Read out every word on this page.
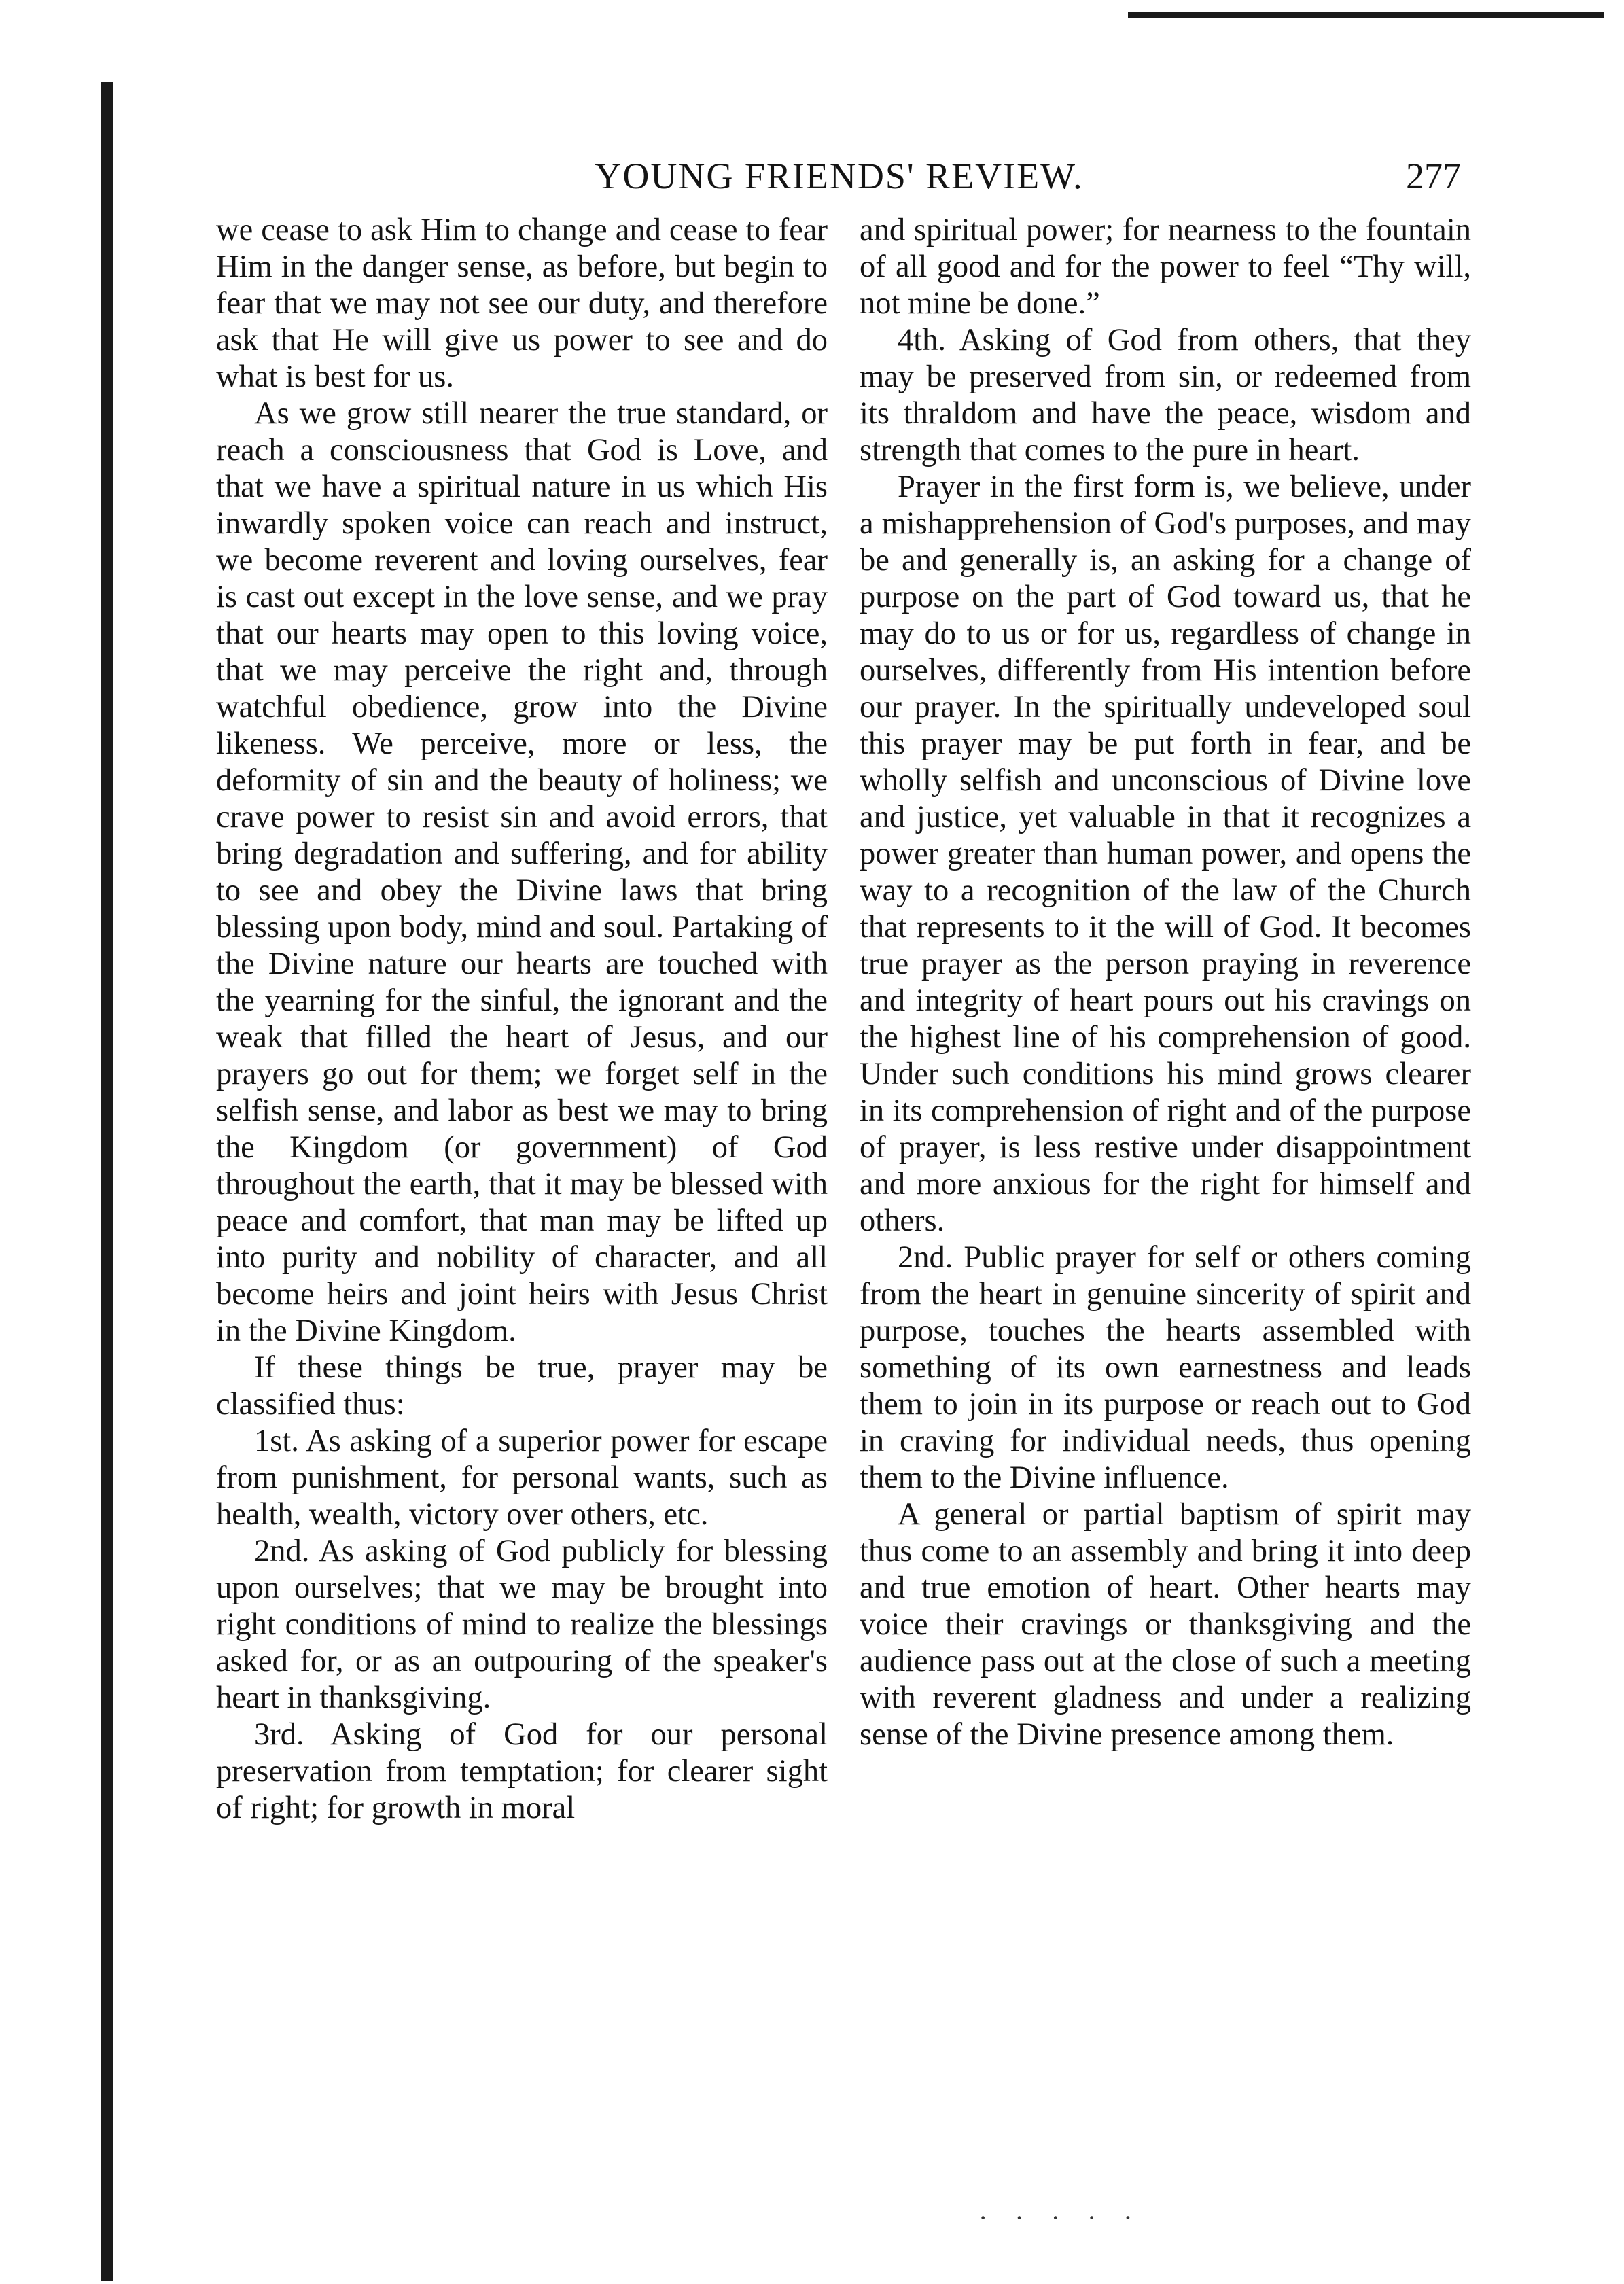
YOUNG FRIENDS' REVIEW.	277

we cease to ask Him to change and cease to fear Him in the danger sense, as before, but begin to fear that we may not see our duty, and therefore ask that He will give us power to see and do what is best for us.

As we grow still nearer the true standard, or reach a consciousness that God is Love, and that we have a spiritual nature in us which His inwardly spoken voice can reach and instruct, we become reverent and loving ourselves, fear is cast out except in the love sense, and we pray that our hearts may open to this loving voice, that we may perceive the right and, through watchful obedience, grow into the Divine likeness. We perceive, more or less, the deformity of sin and the beauty of holiness; we crave power to resist sin and avoid errors, that bring degradation and suffering, and for ability to see and obey the Divine laws that bring blessing upon body, mind and soul. Partaking of the Divine nature our hearts are touched with the yearning for the sinful, the ignorant and the weak that filled the heart of Jesus, and our prayers go out for them; we forget self in the selfish sense, and labor as best we may to bring the Kingdom (or government) of God throughout the earth, that it may be blessed with peace and comfort, that man may be lifted up into purity and nobility of character, and all become heirs and joint heirs with Jesus Christ in the Divine Kingdom.

If these things be true, prayer may be classified thus:

1st. As asking of a superior power for escape from punishment, for personal wants, such as health, wealth, victory over others, etc.

2nd. As asking of God publicly for blessing upon ourselves; that we may be brought into right conditions of mind to realize the blessings asked for, or as an outpouring of the speaker's heart in thanksgiving.

3rd. Asking of God for our personal preservation from temptation; for clearer sight of right; for growth in moral

and spiritual power; for nearness to the fountain of all good and for the power to feel “Thy will, not mine be done.”

4th. Asking of God from others, that they may be preserved from sin, or redeemed from its thraldom and have the peace, wisdom and strength that comes to the pure in heart.

Prayer in the first form is, we believe, under a mishapprehension of God's purposes, and may be and generally is, an asking for a change of purpose on the part of God toward us, that he may do to us or for us, regardless of change in ourselves, differently from His intention before our prayer. In the spiritually undeveloped soul this prayer may be put forth in fear, and be wholly selfish and unconscious of Divine love and justice, yet valuable in that it recognizes a power greater than human power, and opens the way to a recognition of the law of the Church that represents to it the will of God. It becomes true prayer as the person praying in reverence and integrity of heart pours out his cravings on the highest line of his comprehension of good. Under such conditions his mind grows clearer in its comprehension of right and of the purpose of prayer, is less restive under disappointment and more anxious for the right for himself and others.

2nd. Public prayer for self or others coming from the heart in genuine sincerity of spirit and purpose, touches the hearts assembled with something of its own earnestness and leads them to join in its purpose or reach out to God in craving for individual needs, thus opening them to the Divine influence.

A general or partial baptism of spirit may thus come to an assembly and bring it into deep and true emotion of heart. Other hearts may voice their cravings or thanksgiving and the audience pass out at the close of such a meeting with reverent gladness and under a realizing sense of the Divine presence among them.

·····
